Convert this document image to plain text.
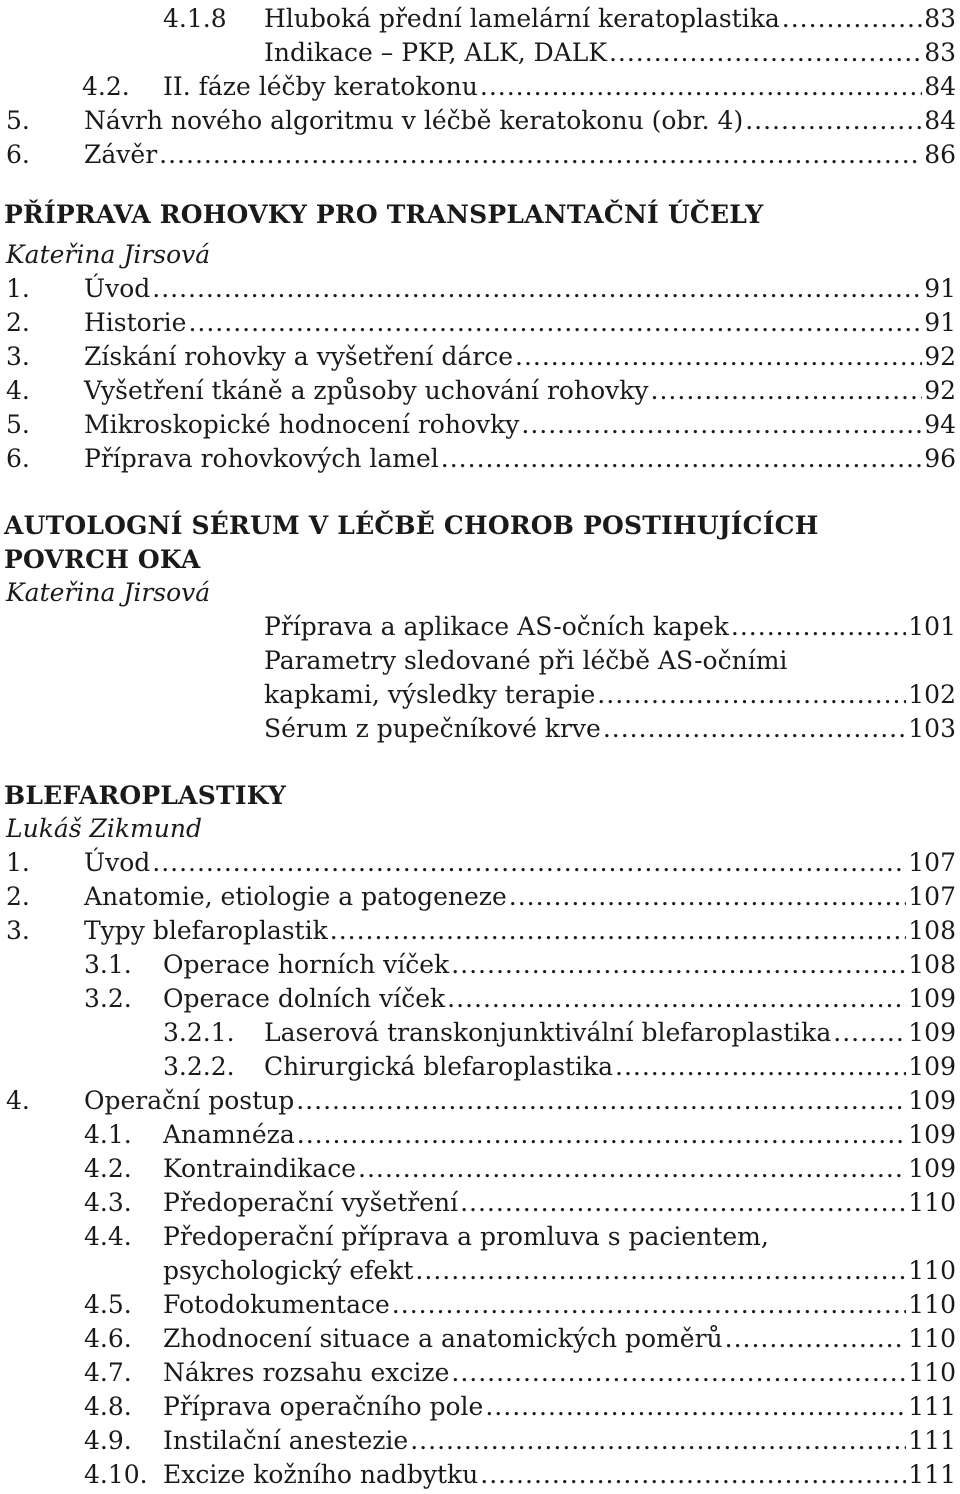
4.1.8 Hluboká přední lamelární keratoplastika .....	83
Indikace – PKP, ALK, DALK .....	83
4.2. II. fáze léčby keratokonu .....	84
5. Návrh nového algoritmu v léčbě keratokonu (obr. 4) .....	84
6. Závěr .....	86
PŘÍPRAVA ROHOVKY PRO TRANSPLANTAČNÍ ÚČELY
Kateřina Jirsová
1. Úvod .....	91
2. Historie .....	91
3. Získání rohovky a vyšetření dárce .....	92
4. Vyšetření tkáně a způsoby uchování rohovky .....	92
5. Mikroskopické hodnocení rohovky .....	94
6. Příprava rohovkových lamel .....	96
AUTOLOGNÍ SÉRUM V LÉČBĚ CHOROB POSTIHUJÍCÍCH
POVRCH OKA
Kateřina Jirsová
Příprava a aplikace AS-očních kapek .....	101
Parametry sledované při léčbě AS-očními
kapkami, výsledky terapie .....	102
Sérum z pupečníkové krve .....	103
BLEFAROPLASTIKY
Lukáš Zikmund
1. Úvod .....	107
2. Anatomie, etiologie a patogeneze .....	107
3. Typy blefaroplastik .....	108
3.1. Operace horních víček .....	108
3.2. Operace dolních víček .....	109
3.2.1. Laserová transkonjunktivální blefaroplastika .....	109
3.2.2. Chirurgická blefaroplastika .....	109
4. Operační postup .....	109
4.1. Anamnéza .....	109
4.2. Kontraindikace .....	109
4.3. Předoperační vyšetření .....	110
4.4. Předoperační příprava a promluva s pacientem,
psychologický efekt .....	110
4.5. Fotodokumentace .....	110
4.6. Zhodnocení situace a anatomických poměrů .....	110
4.7. Nákres rozsahu excize .....	110
4.8. Příprava operačního pole .....	111
4.9. Instilační anestezie .....	111
4.10. Excize kožního nadbytku .....	111
